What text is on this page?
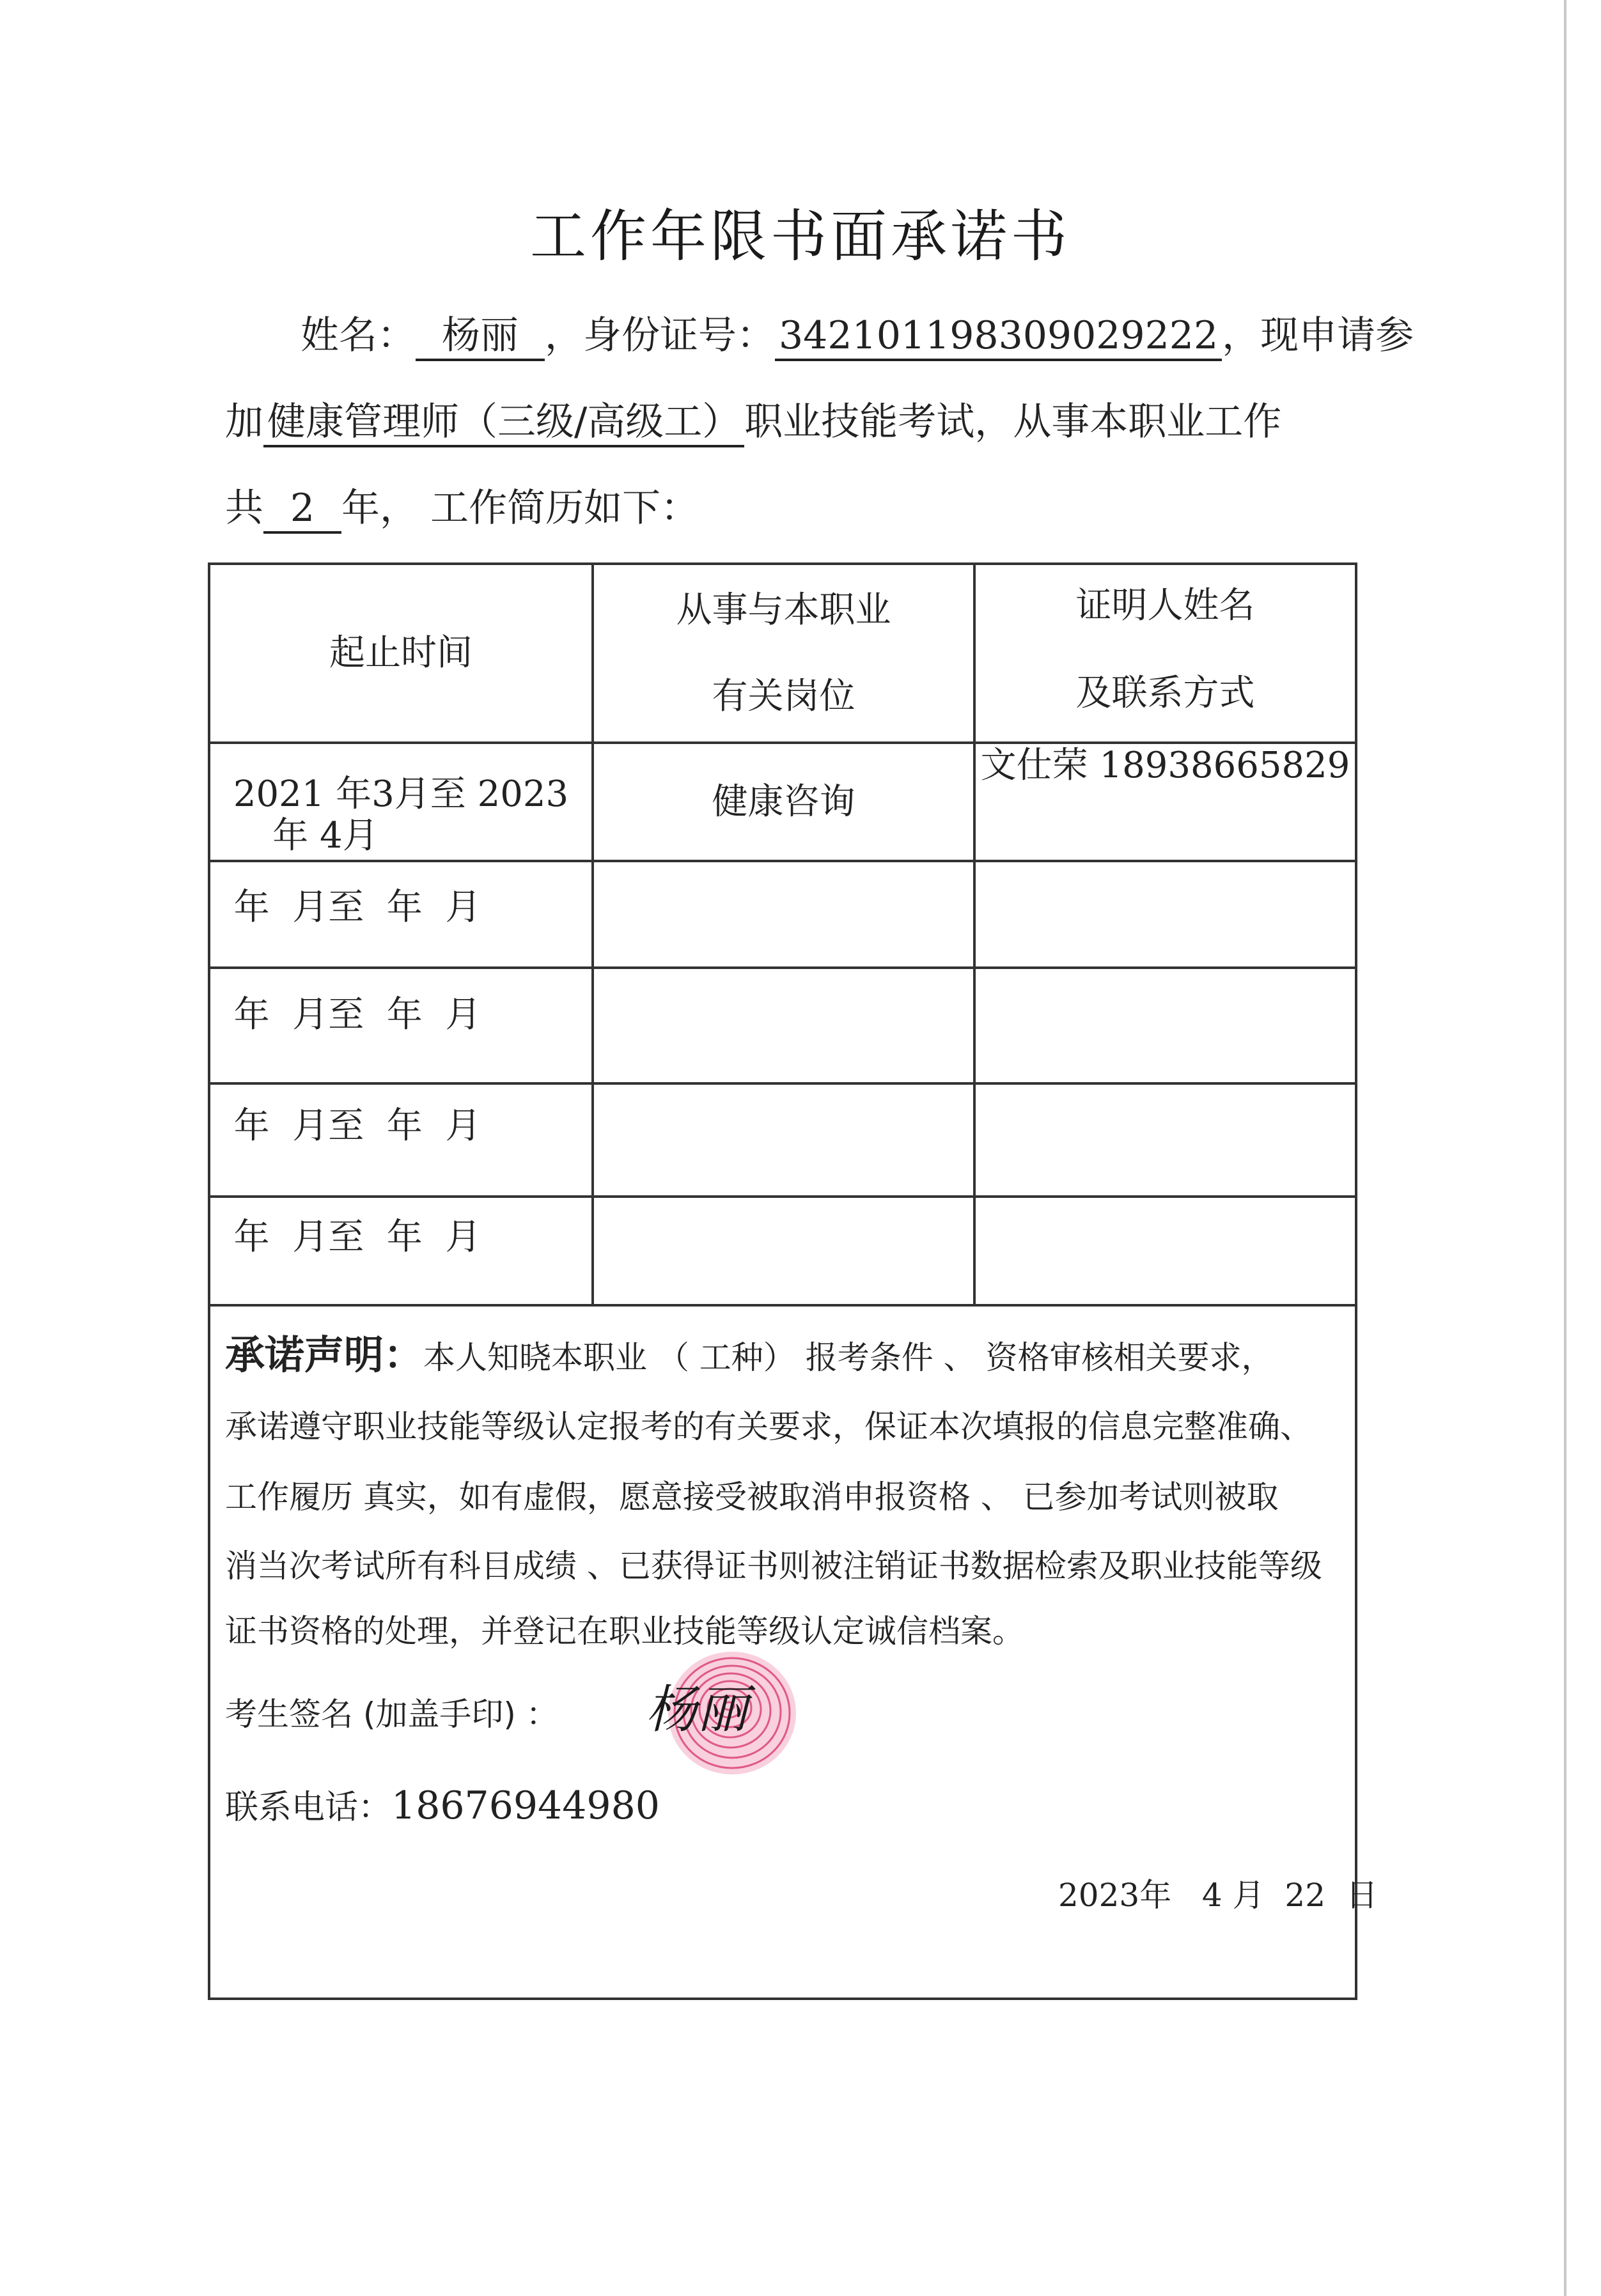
工作年限书面承诺书
姓名： 杨丽 ，身份证号： 342101198309029222 ，现申请参
加 健康管理师（三级/高级工） 职业技能考试，从事本职业工作
共 2 年， 工作简历如下：
起止时间
从事与本职业
有关岗位
证明人姓名
及联系方式
2021 年3月至 2023
年 4月
健康咨询
文仕荣 18938665829
年  月至  年  月
年  月至  年  月
年  月至  年  月
年  月至  年  月
承诺声明：本人知晓本职业 （ 工种） 报考条件 、 资格审核相关要求，
承诺遵守职业技能等级认定报考的有关要求，保证本次填报的信息完整准确、
工作履历 真实，如有虚假，愿意接受被取消申报资格 、 已参加考试则被取
消当次考试所有科目成绩 、已获得证书则被注销证书数据检索及职业技能等级
证书资格的处理，并登记在职业技能等级认定诚信档案。
考生签名 (加盖手印) ： 杨丽
联系电话：18676944980
2023年   4 月  22  日
